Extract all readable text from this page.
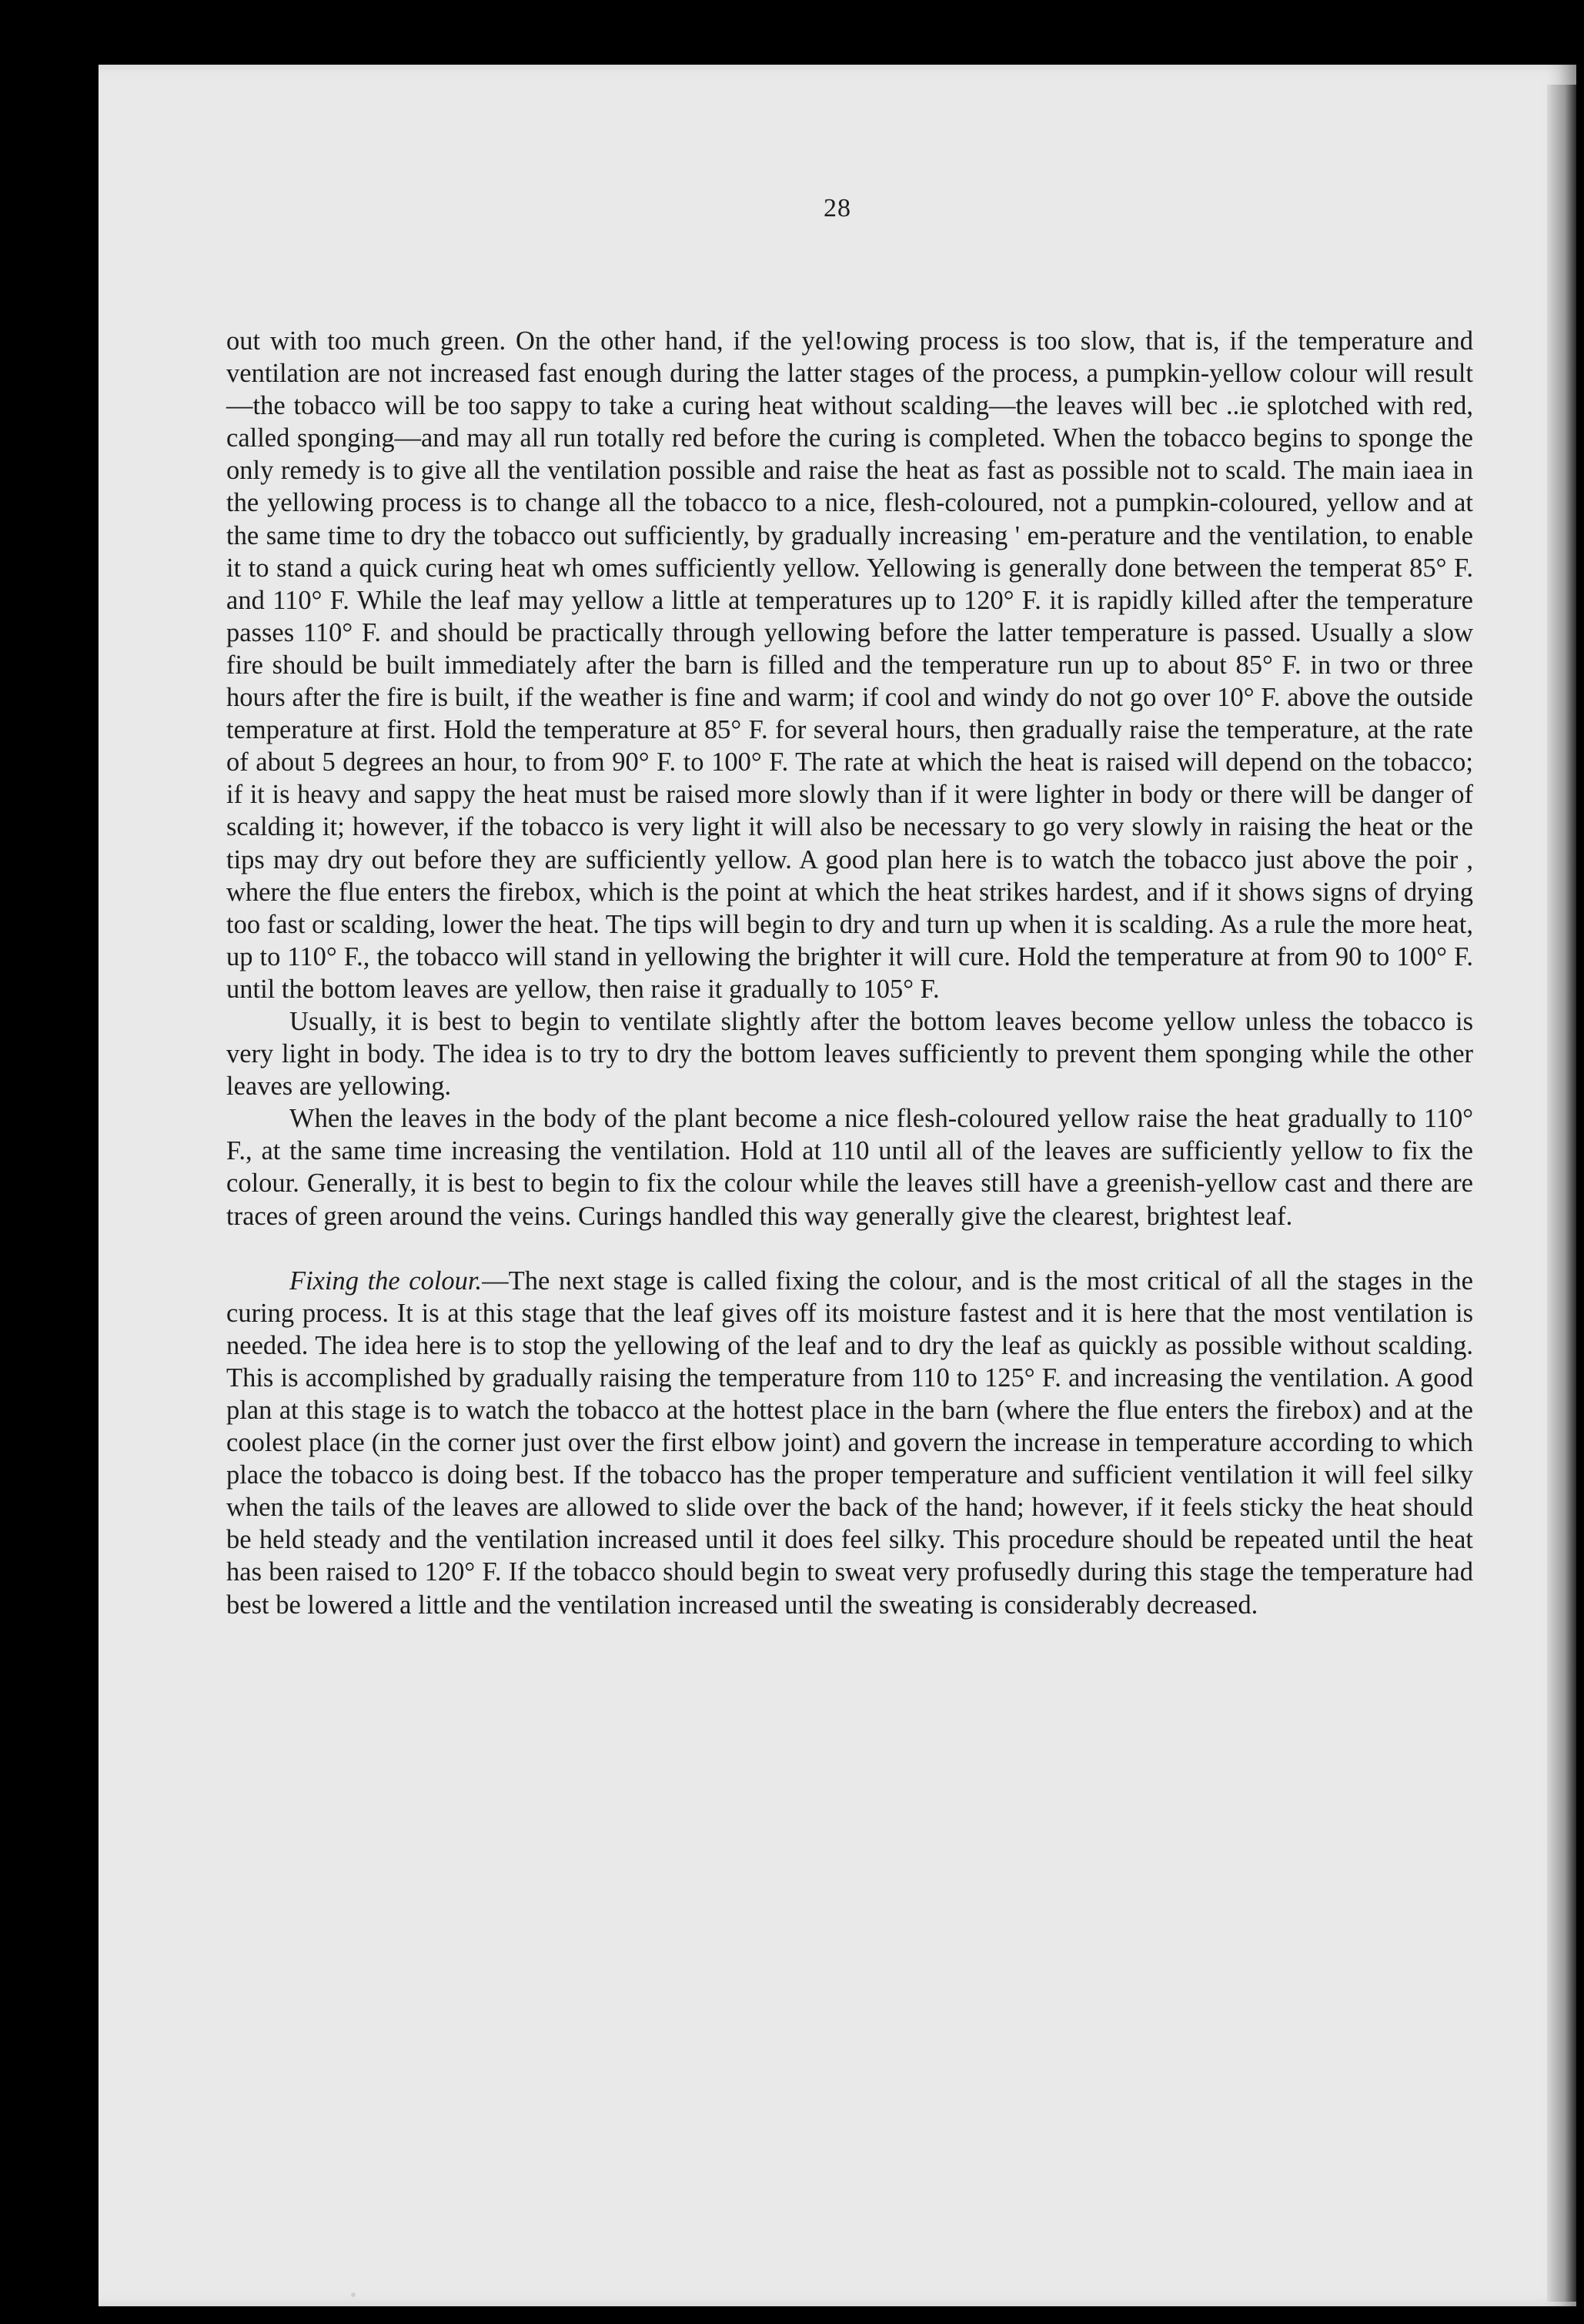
28

out with too much green. On the other hand, if the yel!owing process is too slow, that is, if the temperature and ventilation are not increased fast enough during the latter stages of the process, a pumpkin-yellow colour will result—the tobacco will be too sappy to take a curing heat without scalding—the leaves will bec ..ie splotched with red, called sponging—and may all run totally red before the curing is completed. When the tobacco begins to sponge the only remedy is to give all the ventilation possible and raise the heat as fast as possible not to scald. The main iaea in the yellowing process is to change all the tobacco to a nice, flesh-coloured, not a pumpkin-coloured, yellow and at the same time to dry the tobacco out sufficiently, by gradually increasing ' em-perature and the ventilation, to enable it to stand a quick curing heat wh omes sufficiently yellow. Yellowing is generally done between the temperat 85° F. and 110° F. While the leaf may yellow a little at temperatures up to 120° F. it is rapidly killed after the temperature passes 110° F. and should be practically through yellowing before the latter temperature is passed. Usually a slow fire should be built immediately after the barn is filled and the temperature run up to about 85° F. in two or three hours after the fire is built, if the weather is fine and warm; if cool and windy do not go over 10° F. above the outside temperature at first. Hold the temperature at 85° F. for several hours, then gradually raise the temperature, at the rate of about 5 degrees an hour, to from 90° F. to 100° F. The rate at which the heat is raised will depend on the tobacco; if it is heavy and sappy the heat must be raised more slowly than if it were lighter in body or there will be danger of scalding it; however, if the tobacco is very light it will also be necessary to go very slowly in raising the heat or the tips may dry out before they are sufficiently yellow. A good plan here is to watch the tobacco just above the poir , where the flue enters the firebox, which is the point at which the heat strikes hardest, and if it shows signs of drying too fast or scalding, lower the heat. The tips will begin to dry and turn up when it is scalding. As a rule the more heat, up to 110° F., the tobacco will stand in yellowing the brighter it will cure. Hold the temperature at from 90 to 100° F. until the bottom leaves are yellow, then raise it gradually to 105° F.

Usually, it is best to begin to ventilate slightly after the bottom leaves become yellow unless the tobacco is very light in body. The idea is to try to dry the bottom leaves sufficiently to prevent them sponging while the other leaves are yellowing.

When the leaves in the body of the plant become a nice flesh-coloured yellow raise the heat gradually to 110° F., at the same time increasing the ventilation. Hold at 110 until all of the leaves are sufficiently yellow to fix the colour. Generally, it is best to begin to fix the colour while the leaves still have a greenish-yellow cast and there are traces of green around the veins. Curings handled this way generally give the clearest, brightest leaf.

Fixing the colour.—The next stage is called fixing the colour, and is the most critical of all the stages in the curing process. It is at this stage that the leaf gives off its moisture fastest and it is here that the most ventilation is needed. The idea here is to stop the yellowing of the leaf and to dry the leaf as quickly as possible without scalding. This is accomplished by gradually raising the temperature from 110 to 125° F. and increasing the ventilation. A good plan at this stage is to watch the tobacco at the hottest place in the barn (where the flue enters the firebox) and at the coolest place (in the corner just over the first elbow joint) and govern the increase in temperature according to which place the tobacco is doing best. If the tobacco has the proper temperature and sufficient ventilation it will feel silky when the tails of the leaves are allowed to slide over the back of the hand; however, if it feels sticky the heat should be held steady and the ventilation increased until it does feel silky. This procedure should be repeated until the heat has been raised to 120° F. If the tobacco should begin to sweat very profusedly during this stage the temperature had best be lowered a little and the ventilation increased until the sweating is considerably decreased.
